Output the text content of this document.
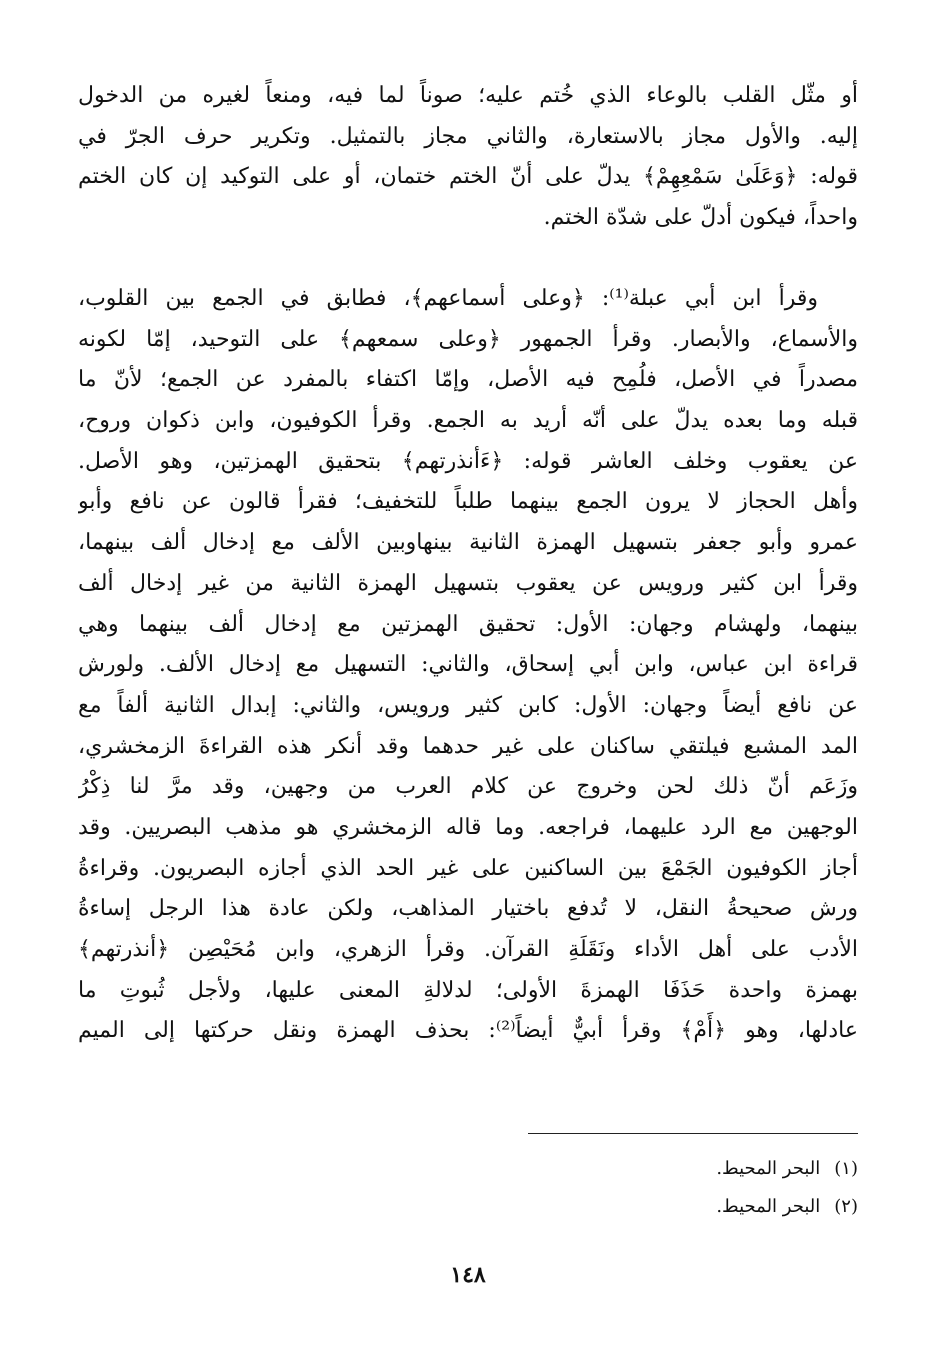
أو مثّل القلب بالوعاء الذي خُتم عليه؛ صوناً لما فيه، ومنعاً لغيره من الدخول
إليه. والأول مجاز بالاستعارة، والثاني مجاز بالتمثيل. وتكرير حرف الجرّ في
قوله: ﴿وَعَلَىٰ سَمْعِهِمْ﴾ يدلّ على أنّ الختم ختمان، أو على التوكيد إن كان الختم
واحداً، فيكون أدلّ على شدّة الختم.
وقرأ ابن أبي عبلة⁽¹⁾: ﴿وعلى أسماعهم﴾، فطابق في الجمع بين القلوب،
والأسماع، والأبصار. وقرأ الجمهور ﴿وعلى سمعهم﴾ على التوحيد، إمّا لكونه
مصدراً في الأصل، فلُمِح فيه الأصل، وإمّا اكتفاء بالمفرد عن الجمع؛ لأنّ ما
قبله وما بعده يدلّ على أنّه أريد به الجمع. وقرأ الكوفيون، وابن ذكوان وروح،
عن يعقوب وخلف العاشر قوله: ﴿ءَأنذرتهم﴾ بتحقيق الهمزتين، وهو الأصل.
وأهل الحجاز لا يرون الجمع بينهما طلباً للتخفيف؛ فقرأ قالون عن نافع وأبو
عمرو وأبو جعفر بتسهيل الهمزة الثانية بينهاوبين الألف مع إدخال ألف بينهما،
وقرأ ابن كثير ورويس عن يعقوب بتسهيل الهمزة الثانية من غير إدخال ألف
بينهما، ولهشام وجهان: الأول: تحقيق الهمزتين مع إدخال ألف بينهما وهي
قراءة ابن عباس، وابن أبي إسحاق، والثاني: التسهيل مع إدخال الألف. ولورش
عن نافع أيضاً وجهان: الأول: كابن كثير ورويس، والثاني: إبدال الثانية ألفاً مع
المد المشبع فيلتقي ساكنان على غير حدهما وقد أنكر هذه القراءةَ الزمخشري،
وزَعَم أنّ ذلك لحن وخروج عن كلام العرب من وجهين، وقد مرَّ لنا ذِكْرُ
الوجهين مع الرد عليهما، فراجعه. وما قاله الزمخشري هو مذهب البصريين. وقد
أجاز الكوفيون الجَمْعَ بين الساكنين على غير الحد الذي أجازه البصريون. وقراءةُ
ورش صحيحةُ النقل، لا تُدفع باختيار المذاهب، ولكن عادة هذا الرجل إساءةُ
الأدب على أهل الأداء ونَقَلَةِ القرآن. وقرأ الزهري، وابن مُحَيْصِن ﴿أنذرتهم﴾
بهمزة واحدة حَذَفَا الهمزةَ الأولى؛ لدلالةِ المعنى عليها، ولأجل ثُبوتِ ما
عادلها، وهو ﴿أَمْ﴾ وقرأ أبيٌّ أيضاً⁽²⁾: بحذف الهمزة ونقل حركتها إلى الميم
(١)البحر المحيط.
(٢)البحر المحيط.
١٤٨
